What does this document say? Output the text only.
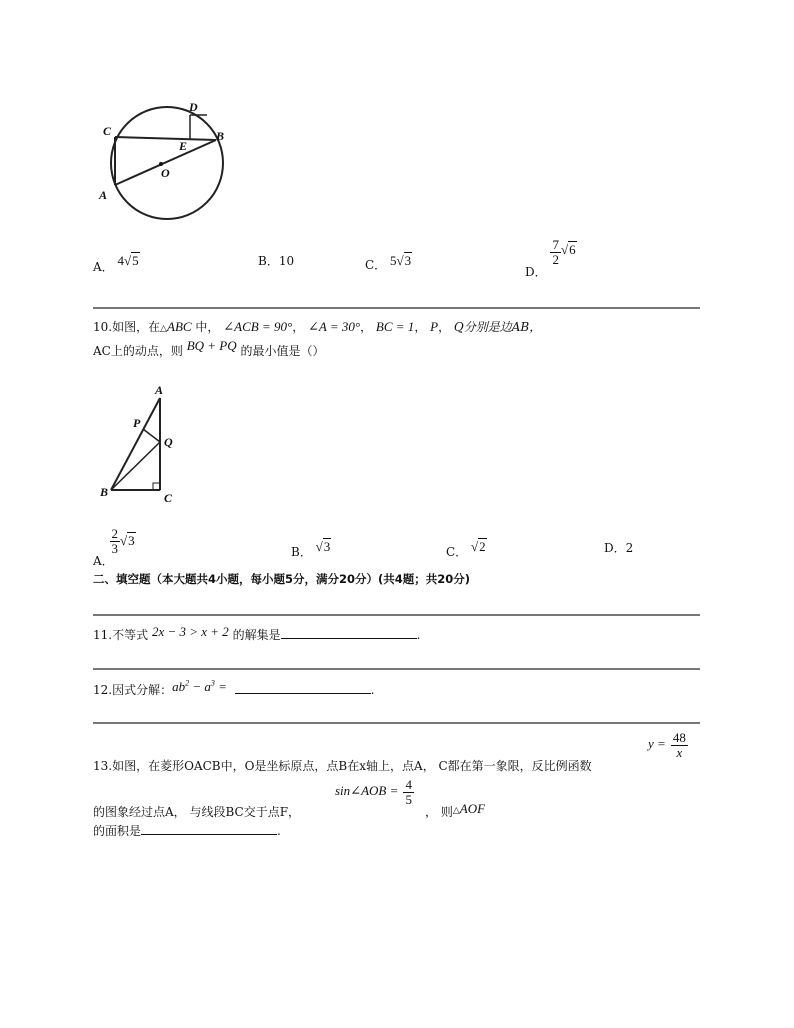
C
D
B
E
O
A
A． 4√5	B．10	C． 5√3
D．
$\frac{7}{2} √6$
10.如图，在△ABC 中， ∠ACB = 90°， ∠A = 30°， BC = 1， P， Q分别是边AB，
AC上的动点，则 BQ + PQ 的最小值是（）
A
P
Q
B	C
A．
$\frac{2}{3} √3$
B． √3	C． √2	D．2
二、填空题（本大题共4小题，每小题5分，满分20分）(共4题；共20分)
11.不等式 2x − 3 > x + 2 的解集是	.
12.因式分解：$ab^2 - a^3$ =	.
13.如图，在菱形OACB中，O是坐标原点，点B在x轴上，点A， C都在第一象限，反比例函数
$y = \frac{48}{x}$
sin∠AOB = $\frac{4}{5}$
的图象经过点A， 与线段BC交于点F，	， 则△AOF
的面积是	.
